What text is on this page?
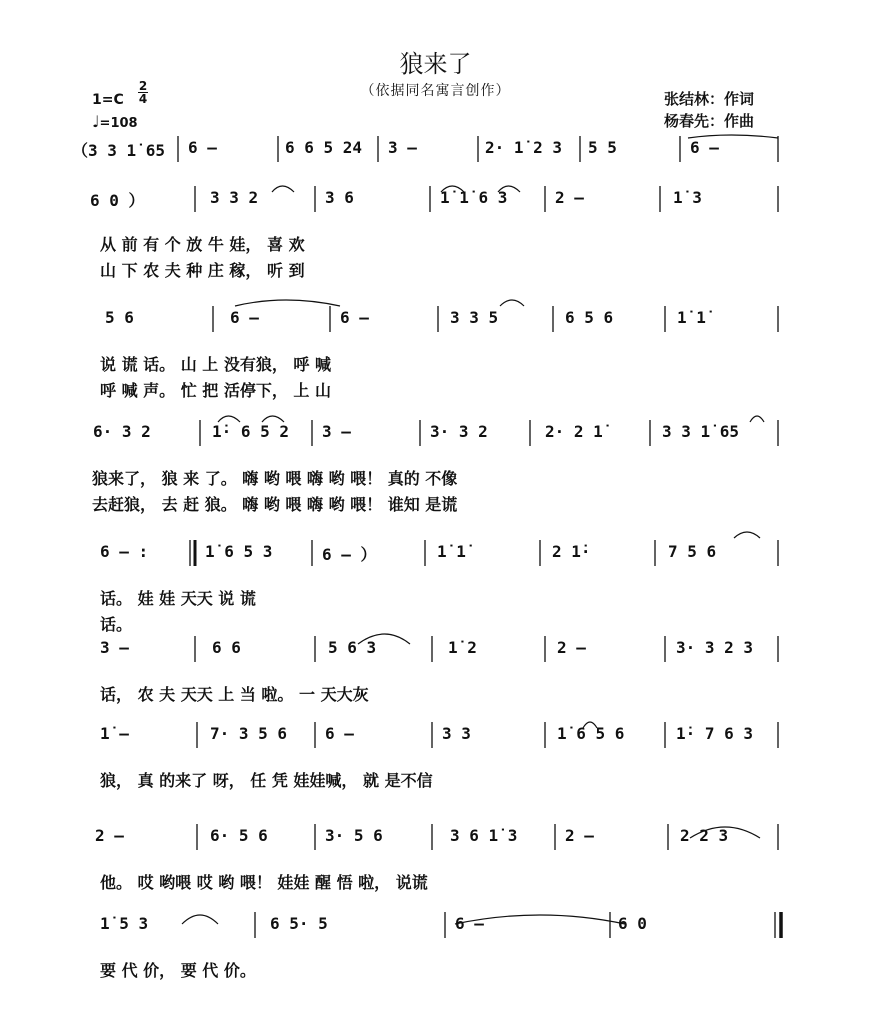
狼来了
（依据同名寓言创作）
1=C
2
4
♩=108
张结林：作词
杨春先：作曲
（3 3 1̇ 65 6 –	6 6 5 24 3 –	2· 1̇ 2 3 5 5	6 –
6 0 ）	3 3 2	3 6	1̇ 1̇ 6 3	2 –	1̇ 3
从 前 有 个 放 牛 娃， 喜 欢
山 下 农 夫 种 庄 稼， 听 到
5 6	6 –	6 –	3 3 5	6 5 6	1̇ 1̇
说 谎 话。 山 上 没有狼， 呼 喊
呼 喊 声。 忙 把 活停下， 上 山
6· 3 2	1̇· 6 5 2 3 –	3· 3 2	2· 2 1̇	3 3 1̇ 65
狼来了， 狼 来 了。 嗨 哟 喂 嗨 哟 喂！ 真的 不像
去赶狼， 去 赶 狼。 嗨 哟 喂 嗨 哟 喂！ 谁知 是谎
6 – :	1̇ 6 5 3	6 – ）	1̇ 1̇	2 1̇·	7 5 6
话。 娃 娃 天天 说 谎
话。
3 –	6 6	5 6 3	1̇ 2	2 –	3· 3 2 3
话， 农 夫 天天 上 当 啦。 一 天大灰
1̇ –	7· 3 5 6 6 –	3 3	1̇ 6 5 6	1̇· 7 6 3
狼， 真 的来了 呀， 任 凭 娃娃喊， 就 是不信
2 –	6· 5 6	3· 5 6	3 6 1̇ 3	2 –	2 2 3
他。 哎 哟喂 哎 哟 喂！ 娃娃 醒 悟 啦， 说谎
1̇ 5 3	6 5· 5	6 –	6 0
要 代 价， 要 代 价。
